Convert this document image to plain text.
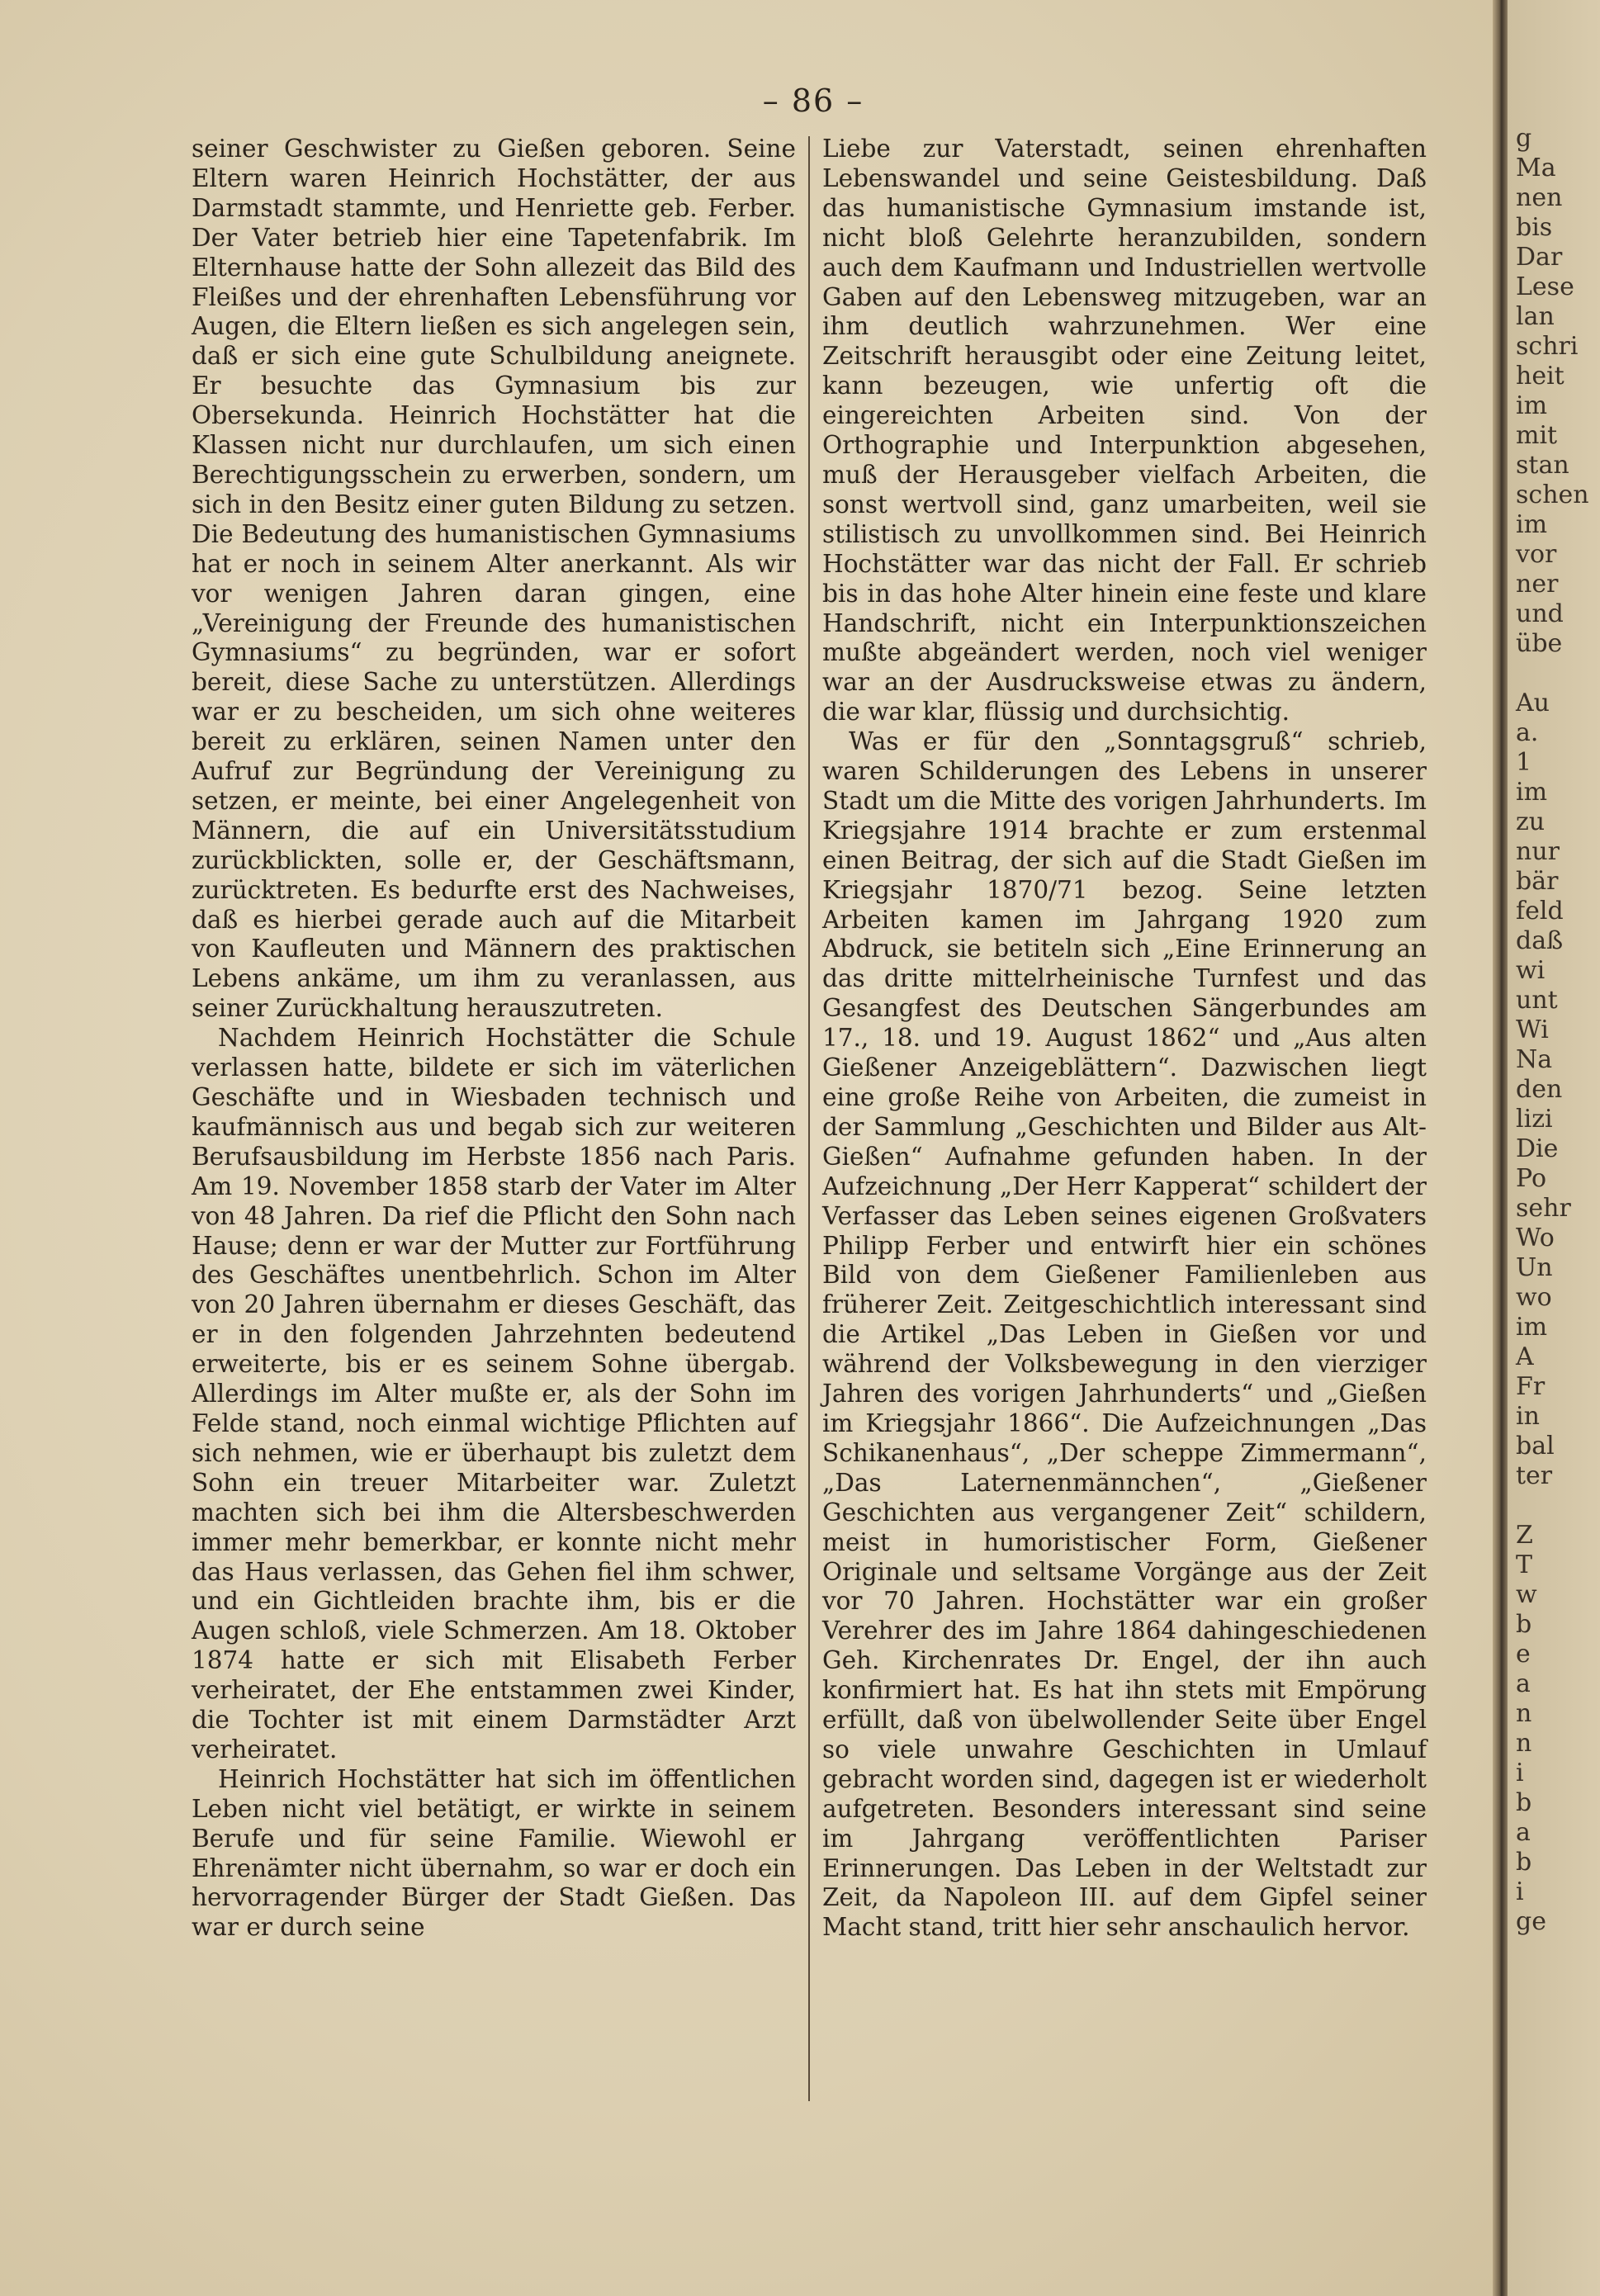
– 86 –

seiner Geschwister zu Gießen geboren. Seine Eltern waren Heinrich Hochstätter, der aus Darmstadt stammte, und Henriette geb. Ferber. Der Vater betrieb hier eine Tapetenfabrik. Im Elternhause hatte der Sohn allezeit das Bild des Fleißes und der ehrenhaften Lebensführung vor Augen, die Eltern ließen es sich angelegen sein, daß er sich eine gute Schulbildung aneignete. Er besuchte das Gymnasium bis zur Obersekunda. Heinrich Hochstätter hat die Klassen nicht nur durchlaufen, um sich einen Berechtigungsschein zu erwerben, sondern, um sich in den Besitz einer guten Bildung zu setzen. Die Bedeutung des humanistischen Gymnasiums hat er noch in seinem Alter anerkannt. Als wir vor wenigen Jahren daran gingen, eine „Vereinigung der Freunde des humanistischen Gymnasiums“ zu begründen, war er sofort bereit, diese Sache zu unterstützen. Allerdings war er zu bescheiden, um sich ohne weiteres bereit zu erklären, seinen Namen unter den Aufruf zur Begründung der Vereinigung zu setzen, er meinte, bei einer Angelegenheit von Männern, die auf ein Universitätsstudium zurückblickten, solle er, der Geschäftsmann, zurücktreten. Es bedurfte erst des Nachweises, daß es hierbei gerade auch auf die Mitarbeit von Kaufleuten und Männern des praktischen Lebens ankäme, um ihm zu veranlassen, aus seiner Zurückhaltung herauszutreten.

Nachdem Heinrich Hochstätter die Schule verlassen hatte, bildete er sich im väterlichen Geschäfte und in Wiesbaden technisch und kaufmännisch aus und begab sich zur weiteren Berufsausbildung im Herbste 1856 nach Paris. Am 19. November 1858 starb der Vater im Alter von 48 Jahren. Da rief die Pflicht den Sohn nach Hause; denn er war der Mutter zur Fortführung des Geschäftes unentbehrlich. Schon im Alter von 20 Jahren übernahm er dieses Geschäft, das er in den folgenden Jahrzehnten bedeutend erweiterte, bis er es seinem Sohne übergab. Allerdings im Alter mußte er, als der Sohn im Felde stand, noch einmal wichtige Pflichten auf sich nehmen, wie er überhaupt bis zuletzt dem Sohn ein treuer Mitarbeiter war. Zuletzt machten sich bei ihm die Altersbeschwerden immer mehr bemerkbar, er konnte nicht mehr das Haus verlassen, das Gehen fiel ihm schwer, und ein Gichtleiden brachte ihm, bis er die Augen schloß, viele Schmerzen. Am 18. Oktober 1874 hatte er sich mit Elisabeth Ferber verheiratet, der Ehe entstammen zwei Kinder, die Tochter ist mit einem Darmstädter Arzt verheiratet.

Heinrich Hochstätter hat sich im öffentlichen Leben nicht viel betätigt, er wirkte in seinem Berufe und für seine Familie. Wiewohl er Ehrenämter nicht übernahm, so war er doch ein hervorragender Bürger der Stadt Gießen. Das war er durch seine

Liebe zur Vaterstadt, seinen ehrenhaften Lebenswandel und seine Geistesbildung. Daß das humanistische Gymnasium imstande ist, nicht bloß Gelehrte heranzubilden, sondern auch dem Kaufmann und Industriellen wertvolle Gaben auf den Lebensweg mitzugeben, war an ihm deutlich wahrzunehmen. Wer eine Zeitschrift herausgibt oder eine Zeitung leitet, kann bezeugen, wie unfertig oft die eingereichten Arbeiten sind. Von der Orthographie und Interpunktion abgesehen, muß der Herausgeber vielfach Arbeiten, die sonst wertvoll sind, ganz umarbeiten, weil sie stilistisch zu unvollkommen sind. Bei Heinrich Hochstätter war das nicht der Fall. Er schrieb bis in das hohe Alter hinein eine feste und klare Handschrift, nicht ein Interpunktionszeichen mußte abgeändert werden, noch viel weniger war an der Ausdrucksweise etwas zu ändern, die war klar, flüssig und durchsichtig.

Was er für den „Sonntagsgruß“ schrieb, waren Schilderungen des Lebens in unserer Stadt um die Mitte des vorigen Jahrhunderts. Im Kriegsjahre 1914 brachte er zum erstenmal einen Beitrag, der sich auf die Stadt Gießen im Kriegsjahr 1870/71 bezog. Seine letzten Arbeiten kamen im Jahrgang 1920 zum Abdruck, sie betiteln sich „Eine Erinnerung an das dritte mittelrheinische Turnfest und das Gesangfest des Deutschen Sängerbundes am 17., 18. und 19. August 1862“ und „Aus alten Gießener Anzeigeblättern“. Dazwischen liegt eine große Reihe von Arbeiten, die zumeist in der Sammlung „Geschichten und Bilder aus Alt-Gießen“ Aufnahme gefunden haben. In der Aufzeichnung „Der Herr Kapperat“ schildert der Verfasser das Leben seines eigenen Großvaters Philipp Ferber und entwirft hier ein schönes Bild von dem Gießener Familienleben aus früherer Zeit. Zeitgeschichtlich interessant sind die Artikel „Das Leben in Gießen vor und während der Volksbewegung in den vierziger Jahren des vorigen Jahrhunderts“ und „Gießen im Kriegsjahr 1866“. Die Aufzeichnungen „Das Schikanenhaus“, „Der scheppe Zimmermann“, „Das Laternenmännchen“, „Gießener Geschichten aus vergangener Zeit“ schildern, meist in humoristischer Form, Gießener Originale und seltsame Vorgänge aus der Zeit vor 70 Jahren. Hochstätter war ein großer Verehrer des im Jahre 1864 dahingeschiedenen Geh. Kirchenrates Dr. Engel, der ihn auch konfirmiert hat. Es hat ihn stets mit Empörung erfüllt, daß von übelwollender Seite über Engel so viele unwahre Geschichten in Umlauf gebracht worden sind, dagegen ist er wiederholt aufgetreten. Besonders interessant sind seine im Jahrgang veröffentlichten Pariser Erinnerungen. Das Leben in der Weltstadt zur Zeit, da Napoleon III. auf dem Gipfel seiner Macht stand, tritt hier sehr anschaulich hervor.

g
Ma
nen
bis
Dar
Lese
lan
schri
heit
im
mit
stan
schen
im
vor
ner
und
übe
Au
a.
1
im
zu
nur
bär
feld
daß
wi
unt
Wi
Na
den
lizi
Die
Po
sehr
Wo
Un
wo
im
A
Fr
in
bal
ter
Z
T
w
b
e
a
n
n
i
b
a
b
i
ge
